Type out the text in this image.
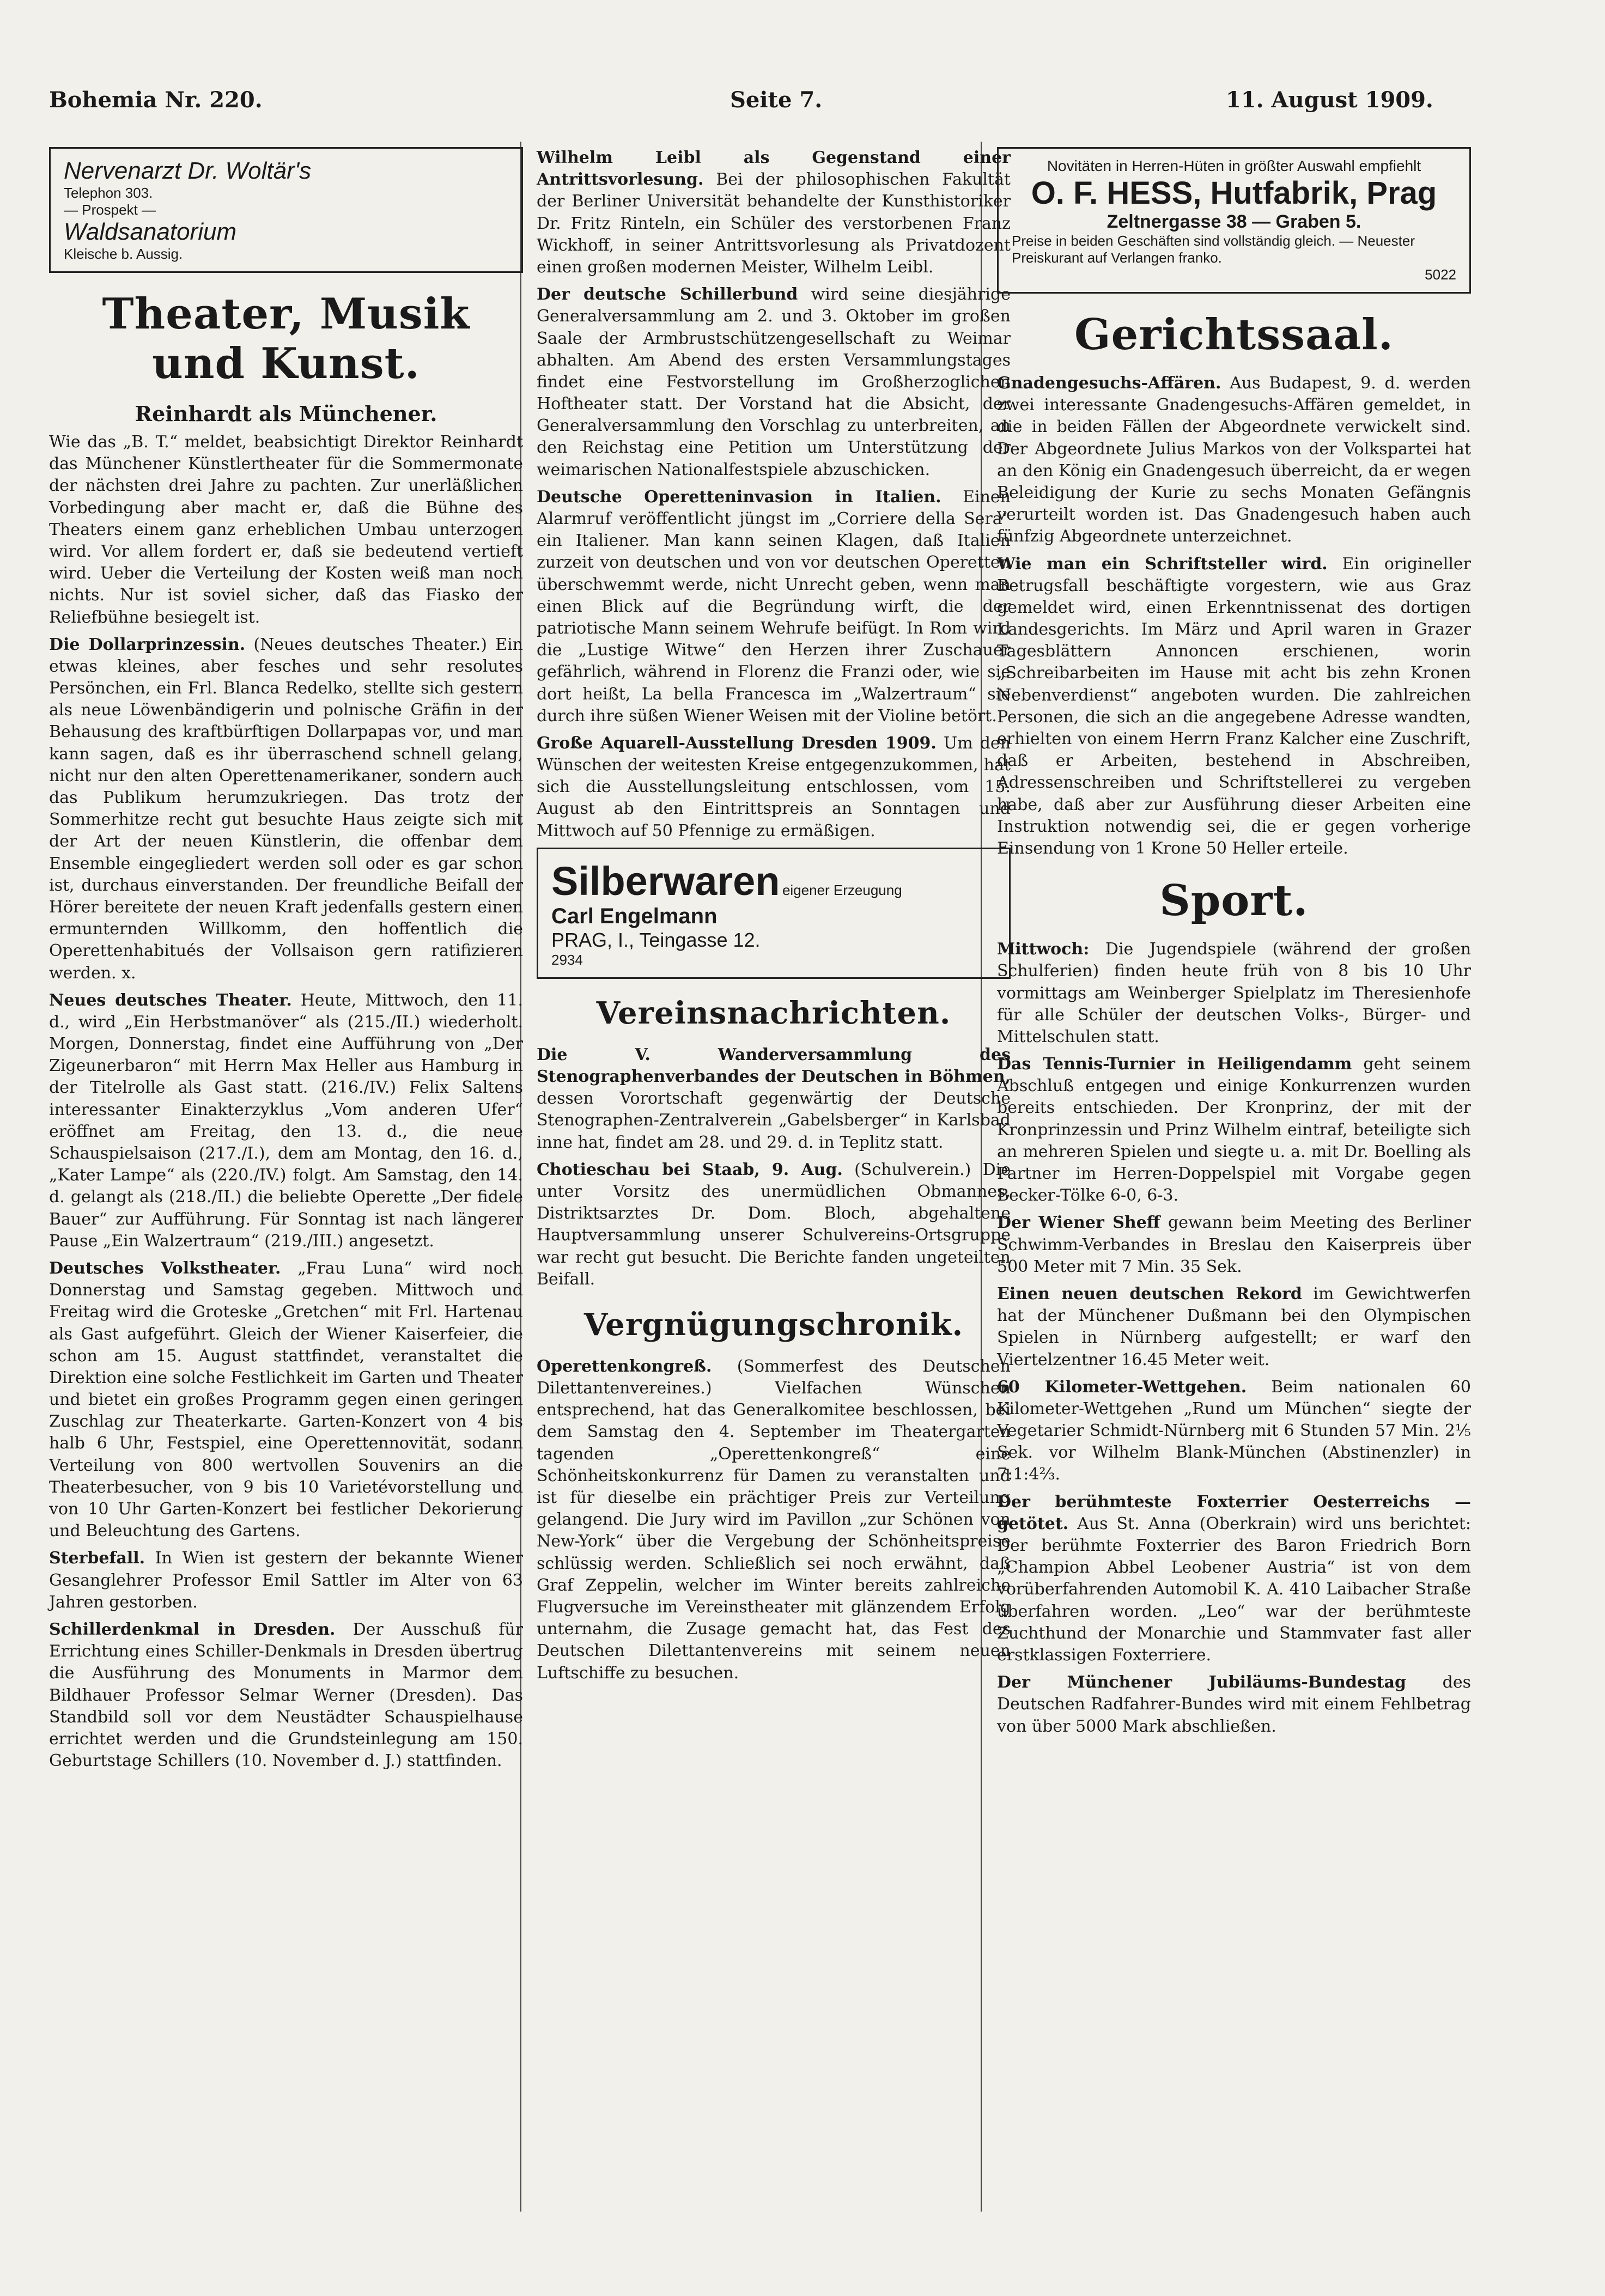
Bohemia Nr. 220.	Seite 7.	11. August 1909.
Nervenarzt Dr. Woltär's
Telephon 303.
— Prospekt —
Waldsanatorium
Kleische b. Aussig.
Theater, Musik und Kunst.
Reinhardt als Münchener.

Wie das „B. T.“ meldet, beabsichtigt Direktor Reinhardt das Münchener Künstlertheater für die Sommermonate der nächsten drei Jahre zu pachten. Zur unerläßlichen Vorbedingung aber macht er, daß die Bühne des Theaters einem ganz erheblichen Umbau unterzogen wird. Vor allem fordert er, daß sie bedeutend vertieft wird. Ueber die Verteilung der Kosten weiß man noch nichts. Nur ist soviel sicher, daß das Fiasko der Reliefbühne besiegelt ist.

Die Dollarprinzessin. (Neues deutsches Theater.) Ein etwas kleines, aber fesches und sehr resolutes Persönchen, ein Frl. Blanca Redelko, stellte sich gestern als neue Löwenbändigerin und polnische Gräfin in der Behausung des kraftbürftigen Dollarpapas vor, und man kann sagen, daß es ihr überraschend schnell gelang, nicht nur den alten Operettenamerikaner, sondern auch das Publikum herumzukriegen. Das trotz der Sommerhitze recht gut besuchte Haus zeigte sich mit der Art der neuen Künstlerin, die offenbar dem Ensemble eingegliedert werden soll oder es gar schon ist, durchaus einverstanden. Der freundliche Beifall der Hörer bereitete der neuen Kraft jedenfalls gestern einen ermunternden Willkomm, den hoffentlich die Operettenhabitués der Vollsaison gern ratifizieren werden. x.

Neues deutsches Theater. Heute, Mittwoch, den 11. d., wird „Ein Herbstmanöver“ als (215./II.) wiederholt. Morgen, Donnerstag, findet eine Aufführung von „Der Zigeunerbaron“ mit Herrn Max Heller aus Hamburg in der Titelrolle als Gast statt. (216./IV.) Felix Saltens interessanter Einakterzyklus „Vom anderen Ufer“ eröffnet am Freitag, den 13. d., die neue Schauspielsaison (217./I.), dem am Montag, den 16. d., „Kater Lampe“ als (220./IV.) folgt. Am Samstag, den 14. d. gelangt als (218./II.) die beliebte Operette „Der fidele Bauer“ zur Aufführung. Für Sonntag ist nach längerer Pause „Ein Walzertraum“ (219./III.) angesetzt.

Deutsches Volkstheater. „Frau Luna“ wird noch Donnerstag und Samstag gegeben. Mittwoch und Freitag wird die Groteske „Gretchen“ mit Frl. Hartenau als Gast aufgeführt. Gleich der Wiener Kaiserfeier, die schon am 15. August stattfindet, veranstaltet die Direktion eine solche Festlichkeit im Garten und Theater und bietet ein großes Programm gegen einen geringen Zuschlag zur Theaterkarte. Garten-Konzert von 4 bis halb 6 Uhr, Festspiel, eine Operettennovität, sodann Verteilung von 800 wertvollen Souvenirs an die Theaterbesucher, von 9 bis 10 Varietévorstellung und von 10 Uhr Garten-Konzert bei festlicher Dekorierung und Beleuchtung des Gartens.

Sterbefall. In Wien ist gestern der bekannte Wiener Gesanglehrer Professor Emil Sattler im Alter von 63 Jahren gestorben.

Schillerdenkmal in Dresden. Der Ausschuß für Errichtung eines Schiller-Denkmals in Dresden übertrug die Ausführung des Monuments in Marmor dem Bildhauer Professor Selmar Werner (Dresden). Das Standbild soll vor dem Neustädter Schauspielhause errichtet werden und die Grundsteinlegung am 150. Geburtstage Schillers (10. November d. J.) stattfinden.

Wilhelm Leibl als Gegenstand einer Antrittsvorlesung. Bei der philosophischen Fakultät der Berliner Universität behandelte der Kunsthistoriker Dr. Fritz Rinteln, ein Schüler des verstorbenen Franz Wickhoff, in seiner Antrittsvorlesung als Privatdozent einen großen modernen Meister, Wilhelm Leibl.

Der deutsche Schillerbund wird seine diesjährige Generalversammlung am 2. und 3. Oktober im großen Saale der Armbrustschützengesellschaft zu Weimar abhalten. Am Abend des ersten Versammlungstages findet eine Festvorstellung im Großherzoglichen Hoftheater statt. Der Vorstand hat die Absicht, der Generalversammlung den Vorschlag zu unterbreiten, an den Reichstag eine Petition um Unterstützung der weimarischen Nationalfestspiele abzuschicken.

Deutsche Operetteninvasion in Italien. Einen Alarmruf veröffentlicht jüngst im „Corriere della Sera“ ein Italiener. Man kann seinen Klagen, daß Italien zurzeit von deutschen und von vor deutschen Operetten überschwemmt werde, nicht Unrecht geben, wenn man einen Blick auf die Begründung wirft, die der patriotische Mann seinem Wehrufe beifügt. In Rom wird die „Lustige Witwe“ den Herzen ihrer Zuschauer gefährlich, während in Florenz die Franzi oder, wie sie dort heißt, La bella Francesca im „Walzertraum“ sie durch ihre süßen Wiener Weisen mit der Violine betört.

Große Aquarell-Ausstellung Dresden 1909. Um den Wünschen der weitesten Kreise entgegenzukommen, hat sich die Ausstellungsleitung entschlossen, vom 15. August ab den Eintrittspreis an Sonntagen und Mittwoch auf 50 Pfennige zu ermäßigen.

Silberwaren eigener Erzeugung
Carl Engelmann
PRAG, I., Teingasse 12.
2934
Vereinsnachrichten.

Die V. Wanderversammlung des Stenographenverbandes der Deutschen in Böhmen, dessen Vorortschaft gegenwärtig der Deutsche Stenographen-Zentralverein „Gabelsberger“ in Karlsbad inne hat, findet am 28. und 29. d. in Teplitz statt.

Chotieschau bei Staab, 9. Aug. (Schulverein.) Die unter Vorsitz des unermüdlichen Obmannes, Distriktsarztes Dr. Dom. Bloch, abgehaltene Hauptversammlung unserer Schulvereins-Ortsgruppe war recht gut besucht. Die Berichte fanden ungeteilten Beifall.

Vergnügungschronik.

Operettenkongreß. (Sommerfest des Deutschen Dilettantenvereines.) Vielfachen Wünschen entsprechend, hat das Generalkomitee beschlossen, bei dem Samstag den 4. September im Theatergarten tagenden „Operettenkongreß“ eine Schönheitskonkurrenz für Damen zu veranstalten und ist für dieselbe ein prächtiger Preis zur Verteilung gelangend. Die Jury wird im Pavillon „zur Schönen von New-York“ über die Vergebung der Schönheitspreise schlüssig werden. Schließlich sei noch erwähnt, daß Graf Zeppelin, welcher im Winter bereits zahlreiche Flugversuche im Vereinstheater mit glänzendem Erfolg unternahm, die Zusage gemacht hat, das Fest des Deutschen Dilettantenvereins mit seinem neuen Luftschiffe zu besuchen.

Novitäten in Herren-Hüten in größter Auswahl empfiehlt
O. F. HESS, Hutfabrik, Prag
Zeltnergasse 38 — Graben 5.
Preise in beiden Geschäften sind vollständig gleich. — Neuester Preiskurant auf Verlangen franko.
5022
Gerichtssaal.

Gnadengesuchs-Affären. Aus Budapest, 9. d. werden zwei interessante Gnadengesuchs-Affären gemeldet, in die in beiden Fällen der Abgeordnete verwickelt sind. Der Abgeordnete Julius Markos von der Volkspartei hat an den König ein Gnadengesuch überreicht, da er wegen Beleidigung der Kurie zu sechs Monaten Gefängnis verurteilt worden ist. Das Gnadengesuch haben auch fünfzig Abgeordnete unterzeichnet.

Wie man ein Schriftsteller wird. Ein origineller Betrugsfall beschäftigte vorgestern, wie aus Graz gemeldet wird, einen Erkenntnissenat des dortigen Landesgerichts. Im März und April waren in Grazer Tagesblättern Annoncen erschienen, worin „Schreibarbeiten im Hause mit acht bis zehn Kronen Nebenverdienst“ angeboten wurden. Die zahlreichen Personen, die sich an die angegebene Adresse wandten, erhielten von einem Herrn Franz Kalcher eine Zuschrift, daß er Arbeiten, bestehend in Abschreiben, Adressenschreiben und Schriftstellerei zu vergeben habe, daß aber zur Ausführung dieser Arbeiten eine Instruktion notwendig sei, die er gegen vorherige Einsendung von 1 Krone 50 Heller erteile.

Sport.

Mittwoch: Die Jugendspiele (während der großen Schulferien) finden heute früh von 8 bis 10 Uhr vormittags am Weinberger Spielplatz im Theresienhofe für alle Schüler der deutschen Volks-, Bürger- und Mittelschulen statt.

Das Tennis-Turnier in Heiligendamm geht seinem Abschluß entgegen und einige Konkurrenzen wurden bereits entschieden. Der Kronprinz, der mit der Kronprinzessin und Prinz Wilhelm eintraf, beteiligte sich an mehreren Spielen und siegte u. a. mit Dr. Boelling als Partner im Herren-Doppelspiel mit Vorgabe gegen Becker-Tölke 6-0, 6-3.

Der Wiener Sheff gewann beim Meeting des Berliner Schwimm-Verbandes in Breslau den Kaiserpreis über 500 Meter mit 7 Min. 35 Sek.

Einen neuen deutschen Rekord im Gewichtwerfen hat der Münchener Dußmann bei den Olympischen Spielen in Nürnberg aufgestellt; er warf den Viertelzentner 16.45 Meter weit.

60 Kilometer-Wettgehen. Beim nationalen 60 Kilometer-Wettgehen „Rund um München“ siegte der Vegetarier Schmidt-Nürnberg mit 6 Stunden 57 Min. 2⅕ Sek. vor Wilhelm Blank-München (Abstinenzler) in 7:1:4⅔.

Der berühmteste Foxterrier Oesterreichs — getötet. Aus St. Anna (Oberkrain) wird uns berichtet: Der berühmte Foxterrier des Baron Friedrich Born „Champion Abbel Leobener Austria“ ist von dem vorüberfahrenden Automobil K. A. 410 Laibacher Straße überfahren worden. „Leo“ war der berühmteste Zuchthund der Monarchie und Stammvater fast aller erstklassigen Foxterriere.

Der Münchener Jubiläums-Bundestag des Deutschen Radfahrer-Bundes wird mit einem Fehlbetrag von über 5000 Mark abschließen.
